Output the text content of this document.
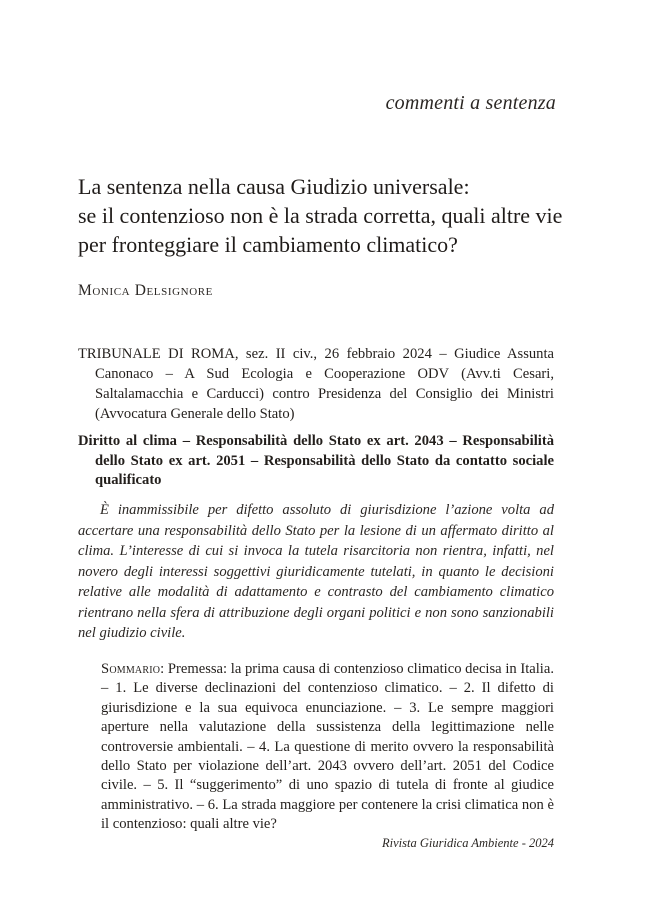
commenti a sentenza
La sentenza nella causa Giudizio universale:
se il contenzioso non è la strada corretta, quali altre vie
per fronteggiare il cambiamento climatico?
Monica Delsignore
TRIBUNALE DI ROMA, sez. II civ., 26 febbraio 2024 – Giudice Assunta Canonaco – A Sud Ecologia e Cooperazione ODV (Avv.ti Cesari, Saltalamacchia e Carducci) contro Presidenza del Consiglio dei Ministri (Avvocatura Generale dello Stato)
Diritto al clima – Responsabilità dello Stato ex art. 2043 – Responsabilità dello Stato ex art. 2051 – Responsabilità dello Stato da contatto sociale qualificato
È inammissibile per difetto assoluto di giurisdizione l’azione volta ad accertare una responsabilità dello Stato per la lesione di un affermato diritto al clima. L’interesse di cui si invoca la tutela risarcitoria non rientra, infatti, nel novero degli interessi soggettivi giuridicamente tutelati, in quanto le decisioni relative alle modalità di adattamento e contrasto del cambiamento climatico rientrano nella sfera di attribuzione degli organi politici e non sono sanzionabili nel giudizio civile.
Sommario: Premessa: la prima causa di contenzioso climatico decisa in Italia. – 1. Le diverse declinazioni del contenzioso climatico. – 2. Il difetto di giurisdizione e la sua equivoca enunciazione. – 3. Le sempre maggiori aperture nella valutazione della sussistenza della legittimazione nelle controversie ambientali. – 4. La questione di merito ovvero la responsabilità dello Stato per violazione dell’art. 2043 ovvero dell’art. 2051 del Codice civile. – 5. Il “suggerimento” di uno spazio di tutela di fronte al giudice amministrativo. – 6. La strada maggiore per contenere la crisi climatica non è il contenzioso: quali altre vie?
Rivista Giuridica Ambiente - 2024
